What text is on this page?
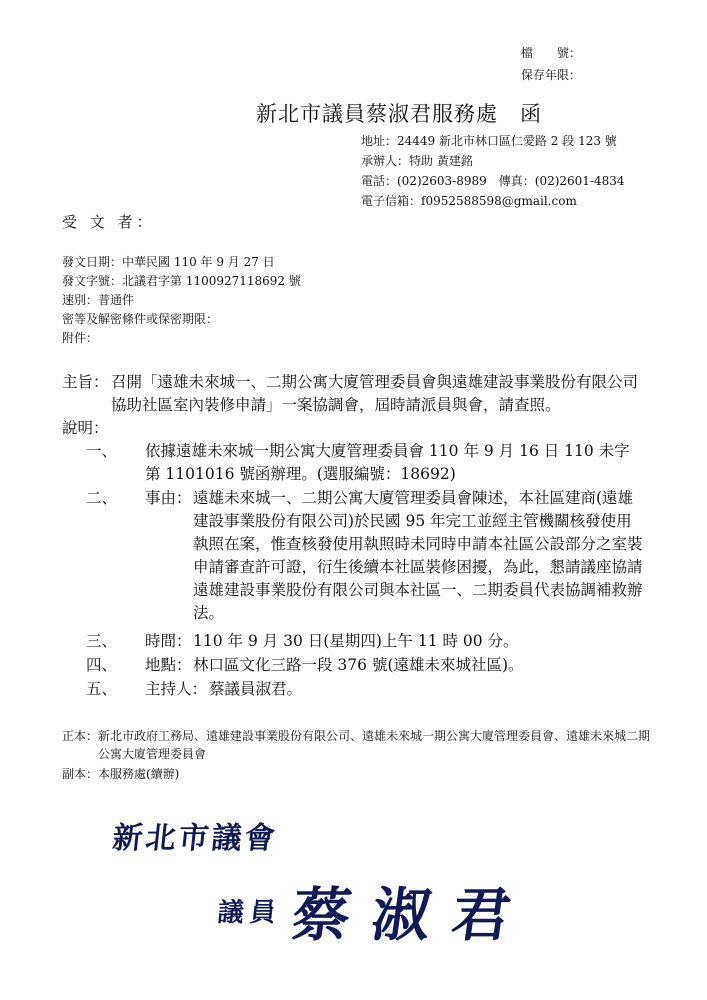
檔　　號：
保存年限：
新北市議員蔡淑君服務處　函
地址：24449 新北市林口區仁愛路 2 段 123 號
承辦人：特助 黃建銘
電話：(02)2603-8989　傳真：(02)2601-4834
電子信箱：f0952588598@gmail.com
受 文 者：
發文日期：中華民國 110 年 9 月 27 日
發文字號：北議君字第 1100927118692 號
速別：普通件
密等及解密條件或保密期限：
附件：
主旨： 召開「遠雄未來城一、二期公寓大廈管理委員會與遠雄建設事業股份有限公司協助社區室內裝修申請」一案協調會，屆時請派員與會，請查照。
說明：
一、 依據遠雄未來城一期公寓大廈管理委員會 110 年 9 月 16 日 110 未字第 1101016 號函辦理。(選服編號：18692)
二、 事由： 遠雄未來城一、二期公寓大廈管理委員會陳述，本社區建商(遠雄建設事業股份有限公司)於民國 95 年完工並經主管機關核發使用執照在案，惟查核發使用執照時未同時申請本社區公設部分之室裝申請審查許可證，衍生後續本社區裝修困擾，為此，懇請議座協請遠雄建設事業股份有限公司與本社區一、二期委員代表協調補救辦法。
三、 時間： 110 年 9 月 30 日(星期四)上午 11 時 00 分。
四、 地點： 林口區文化三路一段 376 號(遠雄未來城社區)。
五、 主持人： 蔡議員淑君。
正本： 新北市政府工務局、遠雄建設事業股份有限公司、遠雄未來城一期公寓大廈管理委員會、遠雄未來城二期公寓大廈管理委員會
副本： 本服務處(續辦)
新北市議會
議員 蔡淑君
